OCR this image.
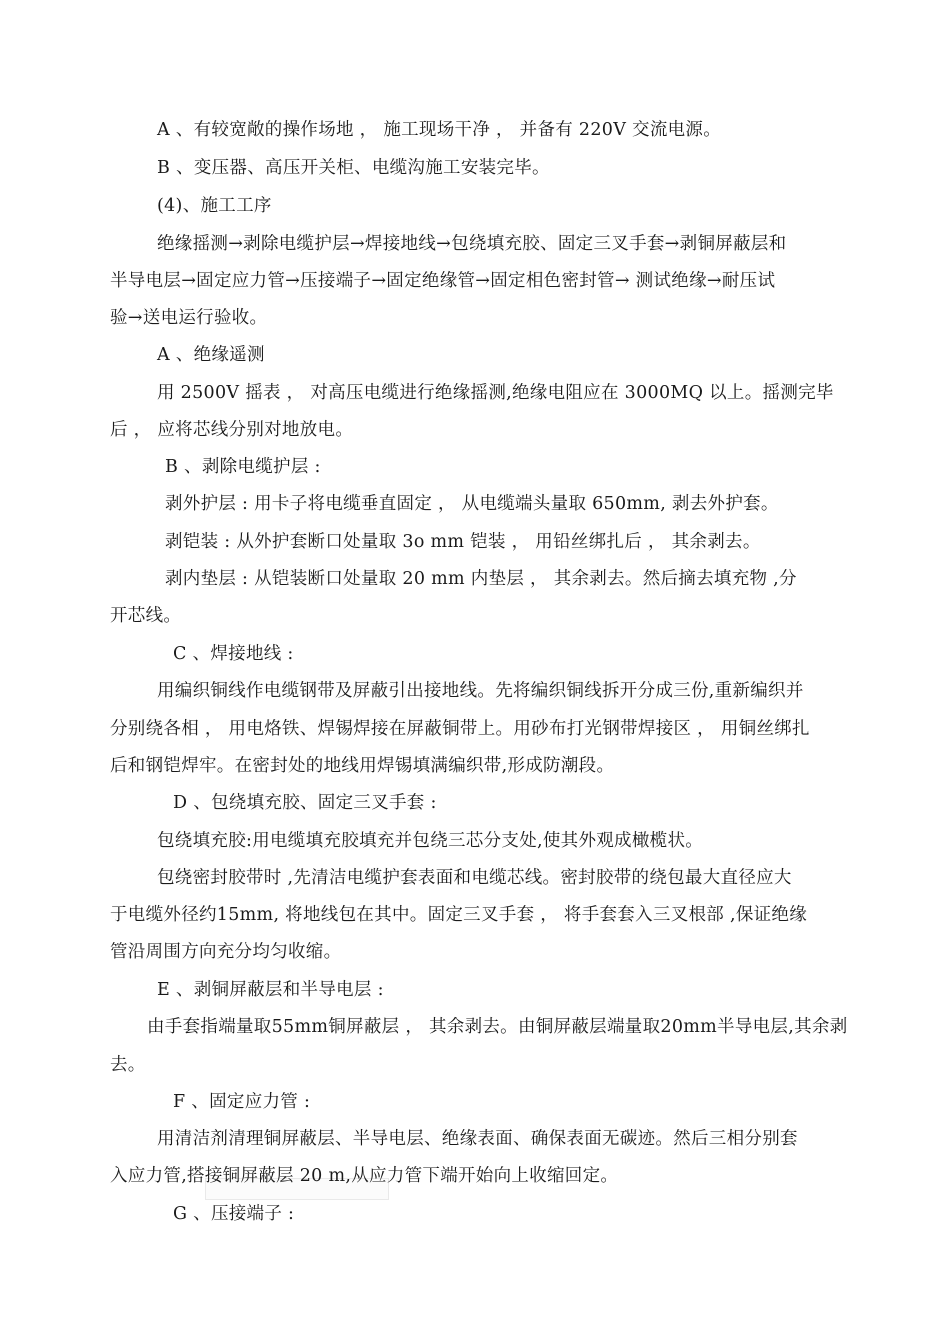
A 、有较宽敞的操作场地 ， 施工现场干净 ， 并备有 220V 交流电源。
B 、变压器、高压开关柜、电缆沟施工安装完毕。
(4)、施工工序
绝缘摇测→剥除电缆护层→焊接地线→包绕填充胶、固定三叉手套→剥铜屏蔽层和
半导电层→固定应力管→压接端子→固定绝缘管→固定相色密封管→ 测试绝缘→耐压试
验→送电运行验收。
A 、绝缘遥测
用 2500V 摇表 ， 对高压电缆进行绝缘摇测,绝缘电阻应在 3000MQ 以上。摇测完毕
后 ， 应将芯线分别对地放电。
B 、剥除电缆护层 :
剥外护层 : 用卡子将电缆垂直固定 ， 从电缆端头量取 650mm, 剥去外护套。
剥铠装 : 从外护套断口处量取 3o mm 铠装 ， 用铅丝绑扎后 ， 其余剥去。
剥内垫层 : 从铠装断口处量取 20 mm 内垫层 ， 其余剥去。然后摘去填充物 ,分
开芯线。
C 、焊接地线 :
用编织铜线作电缆钢带及屏蔽引出接地线。先将编织铜线拆开分成三份,重新编织并
分别绕各相 ， 用电烙铁、焊锡焊接在屏蔽铜带上。用砂布打光钢带焊接区 ， 用铜丝绑扎
后和钢铠焊牢。在密封处的地线用焊锡填满编织带,形成防潮段。
D 、包绕填充胶、固定三叉手套 :
包绕填充胶:用电缆填充胶填充并包绕三芯分支处,使其外观成橄榄状。
包绕密封胶带时 ,先清洁电缆护套表面和电缆芯线。密封胶带的绕包最大直径应大
于电缆外径约15mm, 将地线包在其中。固定三叉手套 ， 将手套套入三叉根部 ,保证绝缘
管沿周围方向充分均匀收缩。
E 、剥铜屏蔽层和半导电层 :
由手套指端量取55mm铜屏蔽层 ， 其余剥去。由铜屏蔽层端量取20mm半导电层,其余剥
去。
F 、固定应力管 :
用清洁剂清理铜屏蔽层、半导电层、绝缘表面、确保表面无碳迹。然后三相分别套
入应力管,搭接铜屏蔽层 20 m,从应力管下端开始向上收缩回定。
G 、压接端子 :
